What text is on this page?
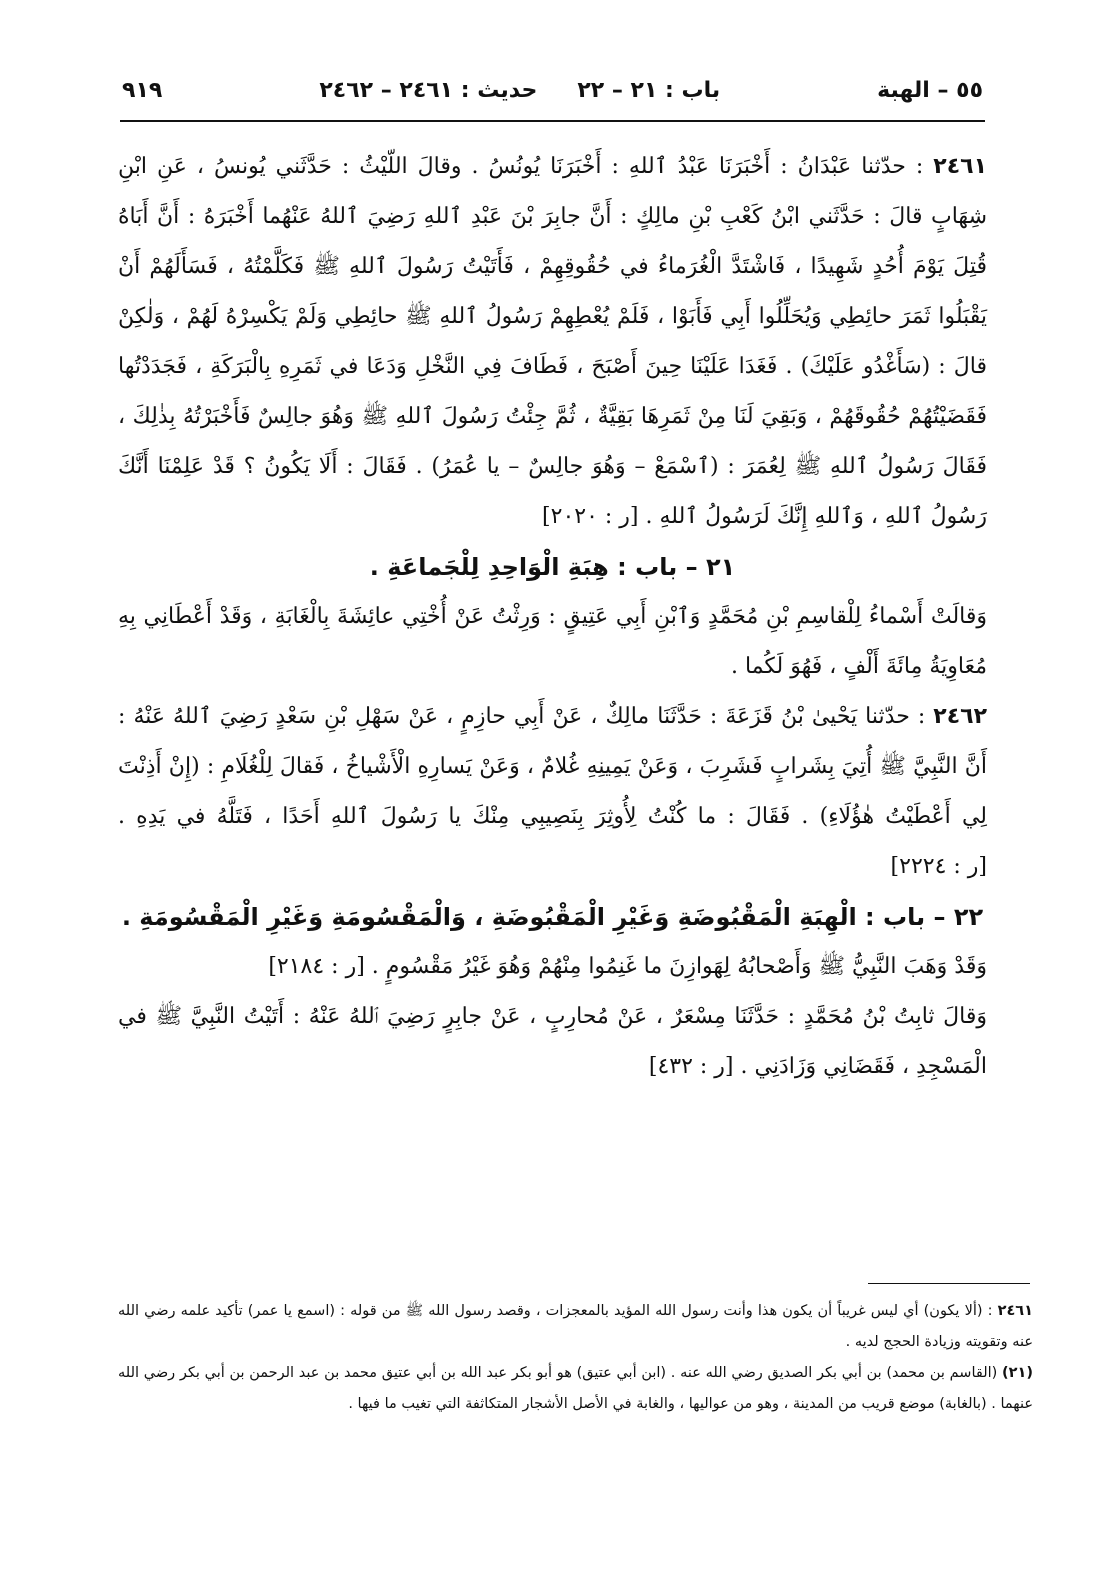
٥٥ – الهبة
باب : ٢١ – ٢٢
حديث : ٢٤٦١ – ٢٤٦٢
٩١٩

٢٤٦١ : حدّثنا عَبْدَانُ : أَخْبَرَنَا عَبْدُ ٱللهِ : أَخْبَرَنَا يُونُسُ . وقالَ اللّيْثُ : حَدَّثَني يُونسُ ، عَنِ ابْنِ شِهَابٍ قالَ : حَدَّثَني ابْنُ كَعْبِ بْنِ مالِكٍ : أَنَّ جابِرَ بْنَ عَبْدِ ٱللهِ رَضِيَ ٱللهُ عَنْهُما أَخْبَرَهُ : أَنَّ أَبَاهُ قُتِلَ يَوْمَ أُحُدٍ شَهِيدًا ، فَاشْتَدَّ الْغُرَماءُ في حُقُوقِهِمْ ، فَأَتَيْتُ رَسُولَ ٱللهِ ﷺ فَكَلَّمْتُهُ ، فَسَأَلَهُمْ أَنْ يَقْبَلُوا ثَمَرَ حائِطِي وَيُحَلِّلُوا أَبِي فَأَبَوْا ، فَلَمْ يُعْطِهِمْ رَسُولُ ٱللهِ ﷺ حائِطِي وَلَمْ يَكْسِرْهُ لَهُمْ ، وَلٰكِنْ قالَ : (سَأَغْدُو عَلَيْكَ) . فَغَدَا عَلَيْنَا حِينَ أَصْبَحَ ، فَطَافَ فِي النَّخْلِ وَدَعَا في ثَمَرِهِ بِالْبَرَكَةِ ، فَجَدَدْتُها فَقَضَيْتُهُمْ حُقُوقَهُمْ ، وَبَقِيَ لَنَا مِنْ ثَمَرِهَا بَقِيَّةٌ ، ثُمَّ جِئْتُ رَسُولَ ٱللهِ ﷺ وَهُوَ جالِسٌ فَأَخْبَرْتُهُ بِذٰلِكَ ، فَقَالَ رَسُولُ ٱللهِ ﷺ لِعُمَرَ : (ٱسْمَعْ – وَهُوَ جالِسٌ – يا عُمَرُ) . فَقَالَ : أَلَا يَكُونُ ؟ قَدْ عَلِمْنَا أَنَّكَ رَسُولُ ٱللهِ ، وَٱللهِ إِنَّكَ لَرَسُولُ ٱللهِ . [ر : ٢٠٢٠]

٢١ – باب : هِبَةِ الْوَاحِدِ لِلْجَماعَةِ .

وَقالَتْ أَسْماءُ لِلْقاسِمِ بْنِ مُحَمَّدٍ وَٱبْنِ أَبِي عَتِيقٍ : وَرِثْتُ عَنْ أُخْتِي عائِشَةَ بِالْغَابَةِ ، وَقَدْ أَعْطَانِي بِهِ مُعَاوِيَةُ مِائَةَ أَلْفٍ ، فَهُوَ لَكُما .

٢٤٦٢ : حدّثنا يَحْيىٰ بْنُ قَزَعَةَ : حَدَّثَنَا مالِكٌ ، عَنْ أَبِي حازِمٍ ، عَنْ سَهْلِ بْنِ سَعْدٍ رَضِيَ ٱللهُ عَنْهُ : أَنَّ النَّبِيَّ ﷺ أُتِيَ بِشَرابٍ فَشَرِبَ ، وَعَنْ يَمِينِهِ غُلامٌ ، وَعَنْ يَسارِهِ الْأَشْياخُ ، فَقالَ لِلْغُلَامِ : (إِنْ أَذِنْتَ لِي أَعْطَيْتُ هٰؤُلَاءِ) . فَقَالَ : ما كُنْتُ لِأُوثِرَ بِنَصِيبِي مِنْكَ يا رَسُولَ ٱللهِ أَحَدًا ، فَتَلَّهُ في يَدِهِ . [ر : ٢٢٢٤]

٢٢ – باب : الْهِبَةِ الْمَقْبُوضَةِ وَغَيْرِ الْمَقْبُوضَةِ ، وَالْمَقْسُومَةِ وَغَيْرِ الْمَقْسُومَةِ .

وَقَدْ وَهَبَ النَّبِيُّ ﷺ وَأَصْحابُهُ لِهَوازِنَ ما غَنِمُوا مِنْهُمْ وَهُوَ غَيْرُ مَقْسُومٍ . [ر : ٢١٨٤]

وَقالَ ثابِتُ بْنُ مُحَمَّدٍ : حَدَّثَنَا مِسْعَرٌ ، عَنْ مُحارِبٍ ، عَنْ جابِرٍ رَضِيَ ٱللهُ عَنْهُ : أَتَيْتُ النَّبِيَّ ﷺ في الْمَسْجِدِ ، فَقَضَانِي وَزَادَنِي . [ر : ٤٣٢]

٢٤٦١ : (ألا يكون) أي ليس غريباً أن يكون هذا وأنت رسول الله المؤيد بالمعجزات ، وقصد رسول الله ﷺ من قوله : (اسمع يا عمر) تأكيد علمه رضي الله عنه وتقويته وزيادة الحجج لديه .

(٢١) (القاسم بن محمد) بن أبي بكر الصديق رضي الله عنه . (ابن أبي عتيق) هو أبو بكر عبد الله بن أبي عتيق محمد بن عبد الرحمن بن أبي بكر رضي الله عنهما . (بالغابة) موضع قريب من المدينة ، وهو من عواليها ، والغابة في الأصل الأشجار المتكاثفة التي تغيب ما فيها .
